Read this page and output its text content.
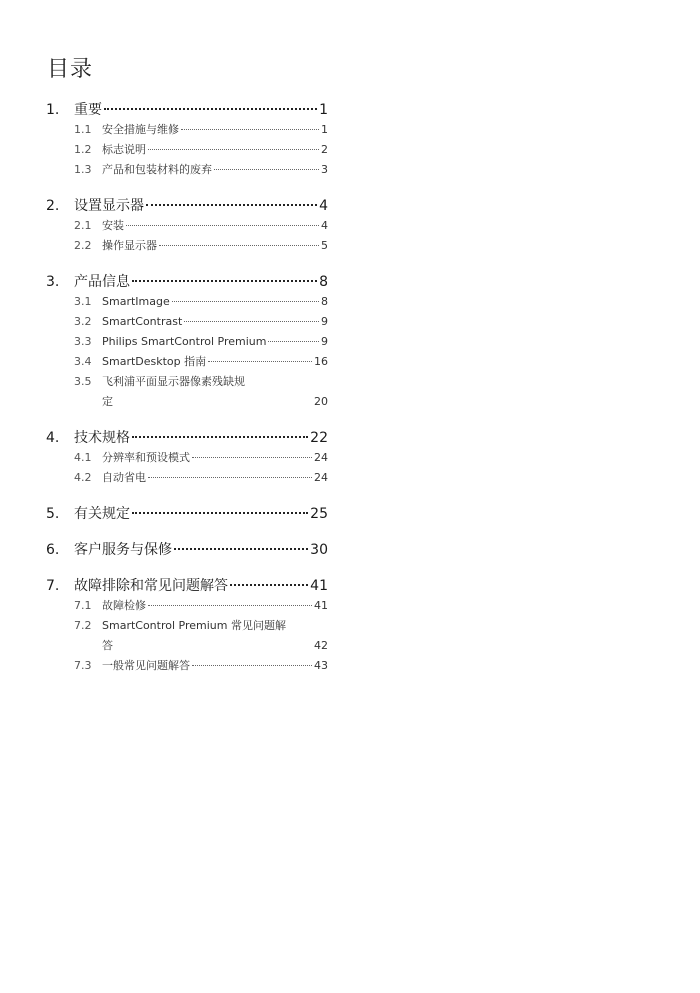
目录
1.	重要	1
1.1 安全措施与维修	1
1.2 标志说明	2
1.3 产品和包装材料的废弃	3
2.	设置显示器	4
2.1 安装	4
2.2 操作显示器	5
3.	产品信息	8
3.1 SmartImage	8
3.2 SmartContrast	9
3.3 Philips SmartControl Premium	9
3.4 SmartDesktop 指南	16
3.5 飞利浦平面显示器像素残缺规
定	20
4.	技术规格	22
4.1 分辨率和预设模式	24
4.2 自动省电	24
5.	有关规定	25
6.	客户服务与保修	30
7.	故障排除和常见问题解答	41
7.1 故障检修	41
7.2 SmartControl Premium 常见问题解
答	42
7.3 一般常见问题解答	43
